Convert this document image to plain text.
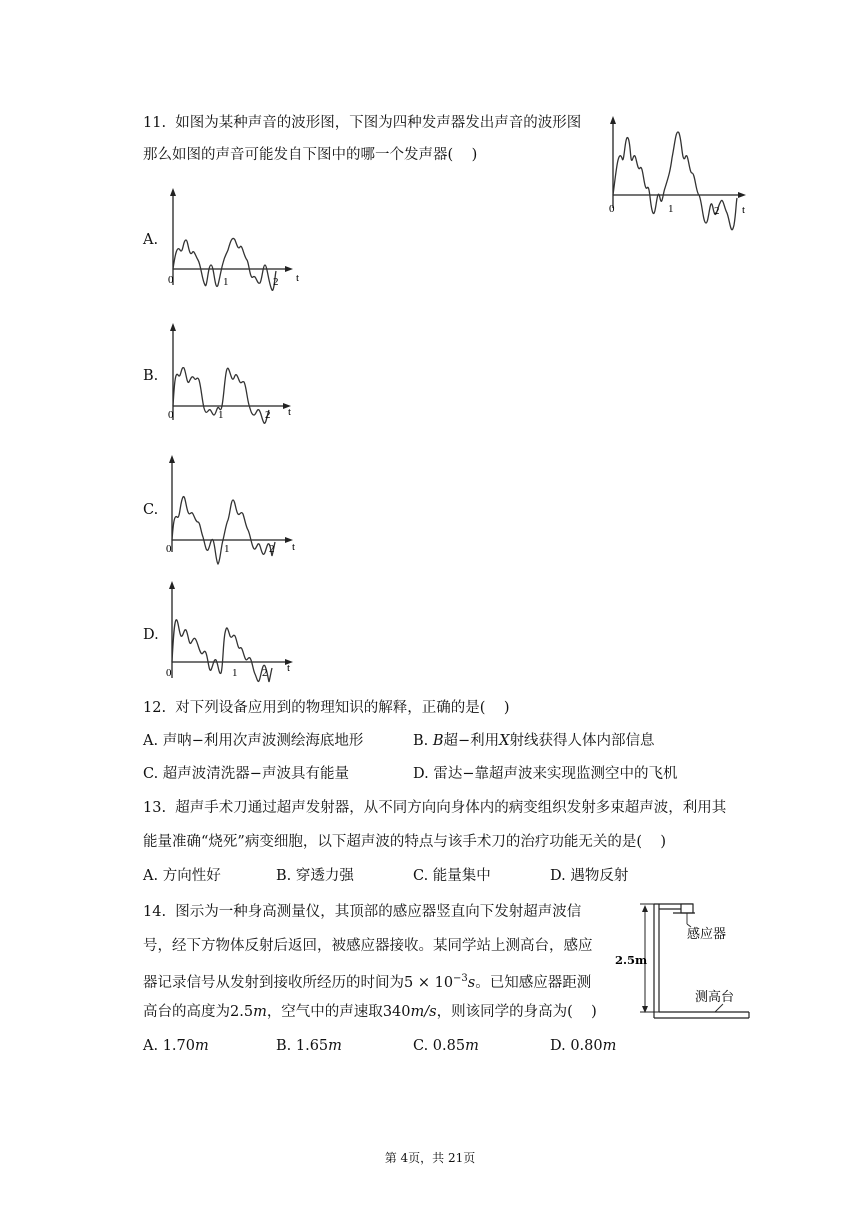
11.  如图为某种声音的波形图，下图为四种发声器发出声音的波形图
那么如图的声音可能发自下图中的哪一个发声器(    )
0	1	2 t
A.
0	1	2 t
B.
0	1	2 t
C.
0	1	2 t
D.
0	1 2 t
12.  对下列设备应用到的物理知识的解释，正确的是(    )
A. 声呐−利用次声波测绘海底地形	B. B超−利用X射线获得人体内部信息
C. 超声波清洗器−声波具有能量	D. 雷达−靠超声波来实现监测空中的飞机
13.  超声手术刀通过超声发射器，从不同方向向身体内的病变组织发射多束超声波，利用其
能量准确“烧死”病变细胞，以下超声波的特点与该手术刀的治疗功能无关的是(    )
A. 方向性好	B. 穿透力强	C. 能量集中	D. 遇物反射
14.  图示为一种身高测量仪，其顶部的感应器竖直向下发射超声波信
号，经下方物体反射后返回，被感应器接收。某同学站上测高台，感应
器记录信号从发射到接收所经历的时间为$5 \times 10^{-3}s$。已知感应器距测
高台的高度为2.5m，空气中的声速取340m/s，则该同学的身高为(    )
A. 1.70m	B. 1.65m	C. 0.85m	D. 0.80m
2.5m
感应器
测高台
第 4页，共 21页
